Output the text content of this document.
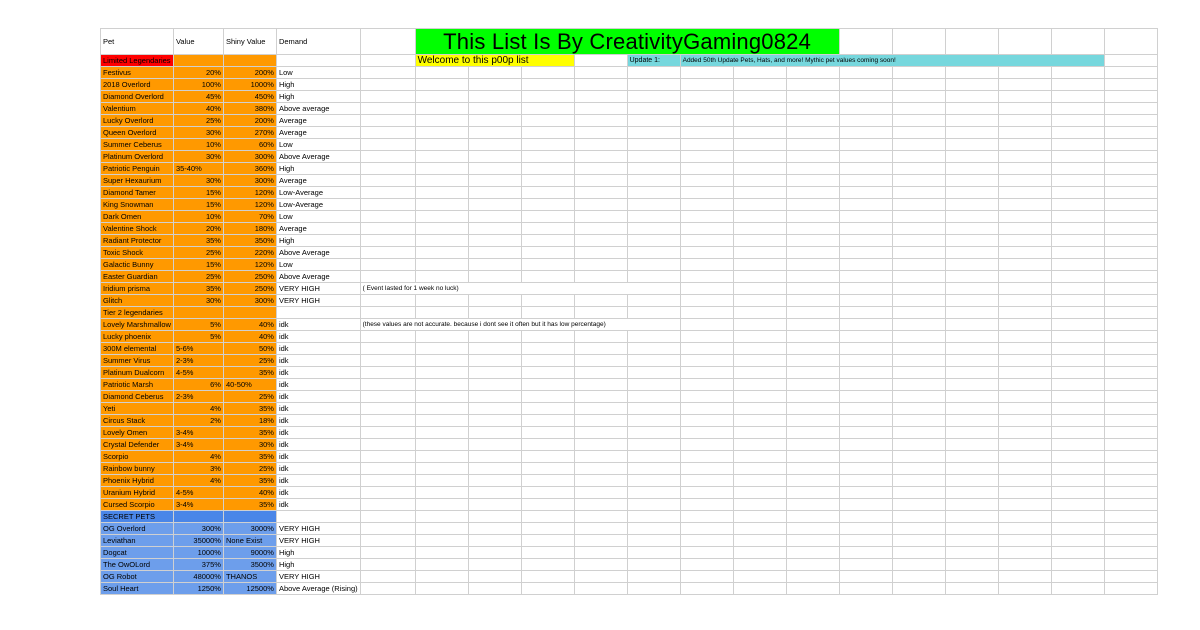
Pet	Value	Shiny Value	Demand		This List Is By CreativityGaming0824													
Limited Legendaries					Welcome to this p00p list				Update 1:	Added 50th Update Pets, Hats, and more! Mythic pet values coming soon!								
Festivus	20%	200%	Low															
2018 Overlord	100%	1000%	High															
Diamond Overlord	45%	450%	High															
Valentium	40%	380%	Above average															
Lucky Overlord	25%	200%	Average															
Queen Overlord	30%	270%	Average															
Summer Ceberus	10%	60%	Low															
Platinum Overlord	30%	300%	Above Average															
Patriotic Penguin	35-40%	360%	High															
Super Hexaurium	30%	300%	Average															
Diamond Tamer	15%	120%	Low-Average															
King Snowman	15%	120%	Low-Average															
Dark Omen	10%	70%	Low															
Valentine Shock	20%	180%	Average															
Radiant Protector	35%	350%	High															
Toxic Shock	25%	220%	Above Average															
Galactic Bunny	15%	120%	Low															
Easter Guardian	25%	250%	Above Average															
Iridium prisma	35%	250%	VERY HIGH	( Event lasted for 1 week no luck)														
Glitch	30%	300%	VERY HIGH															
Tier 2 legendaries																		
Lovely Marshmallow	5%	40%	idk	(these values are not accurate. because i dont see it often but it has low percentage)														
Lucky phoenix	5%	40%	idk															
300M elemental	5-6%	50%	idk															
Summer Virus	2-3%	25%	idk															
Platinum Dualcorn	4-5%	35%	idk															
Patriotic Marsh	6%	40-50%	idk															
Diamond Ceberus	2-3%	25%	idk															
Yeti	4%	35%	idk															
Circus Stack	2%	18%	idk															
Lovely Omen	3-4%	35%	idk															
Crystal Defender	3-4%	30%	idk															
Scorpio	4%	35%	idk															
Rainbow bunny	3%	25%	idk															
Phoenix Hybrid	4%	35%	idk															
Uranium Hybrid	4-5%	40%	idk															
Cursed Scorpio	3-4%	35%	idk															
SECRET PETS																		
OG Overlord	300%	3000%	VERY HIGH															
Leviathan	35000%	None Exist	VERY HIGH															
Dogcat	1000%	9000%	High															
The OwOLord	375%	3500%	High															
OG Robot	48000%	THANOS	VERY HIGH															
Soul Heart	1250%	12500%	Above Average (Rising)															
